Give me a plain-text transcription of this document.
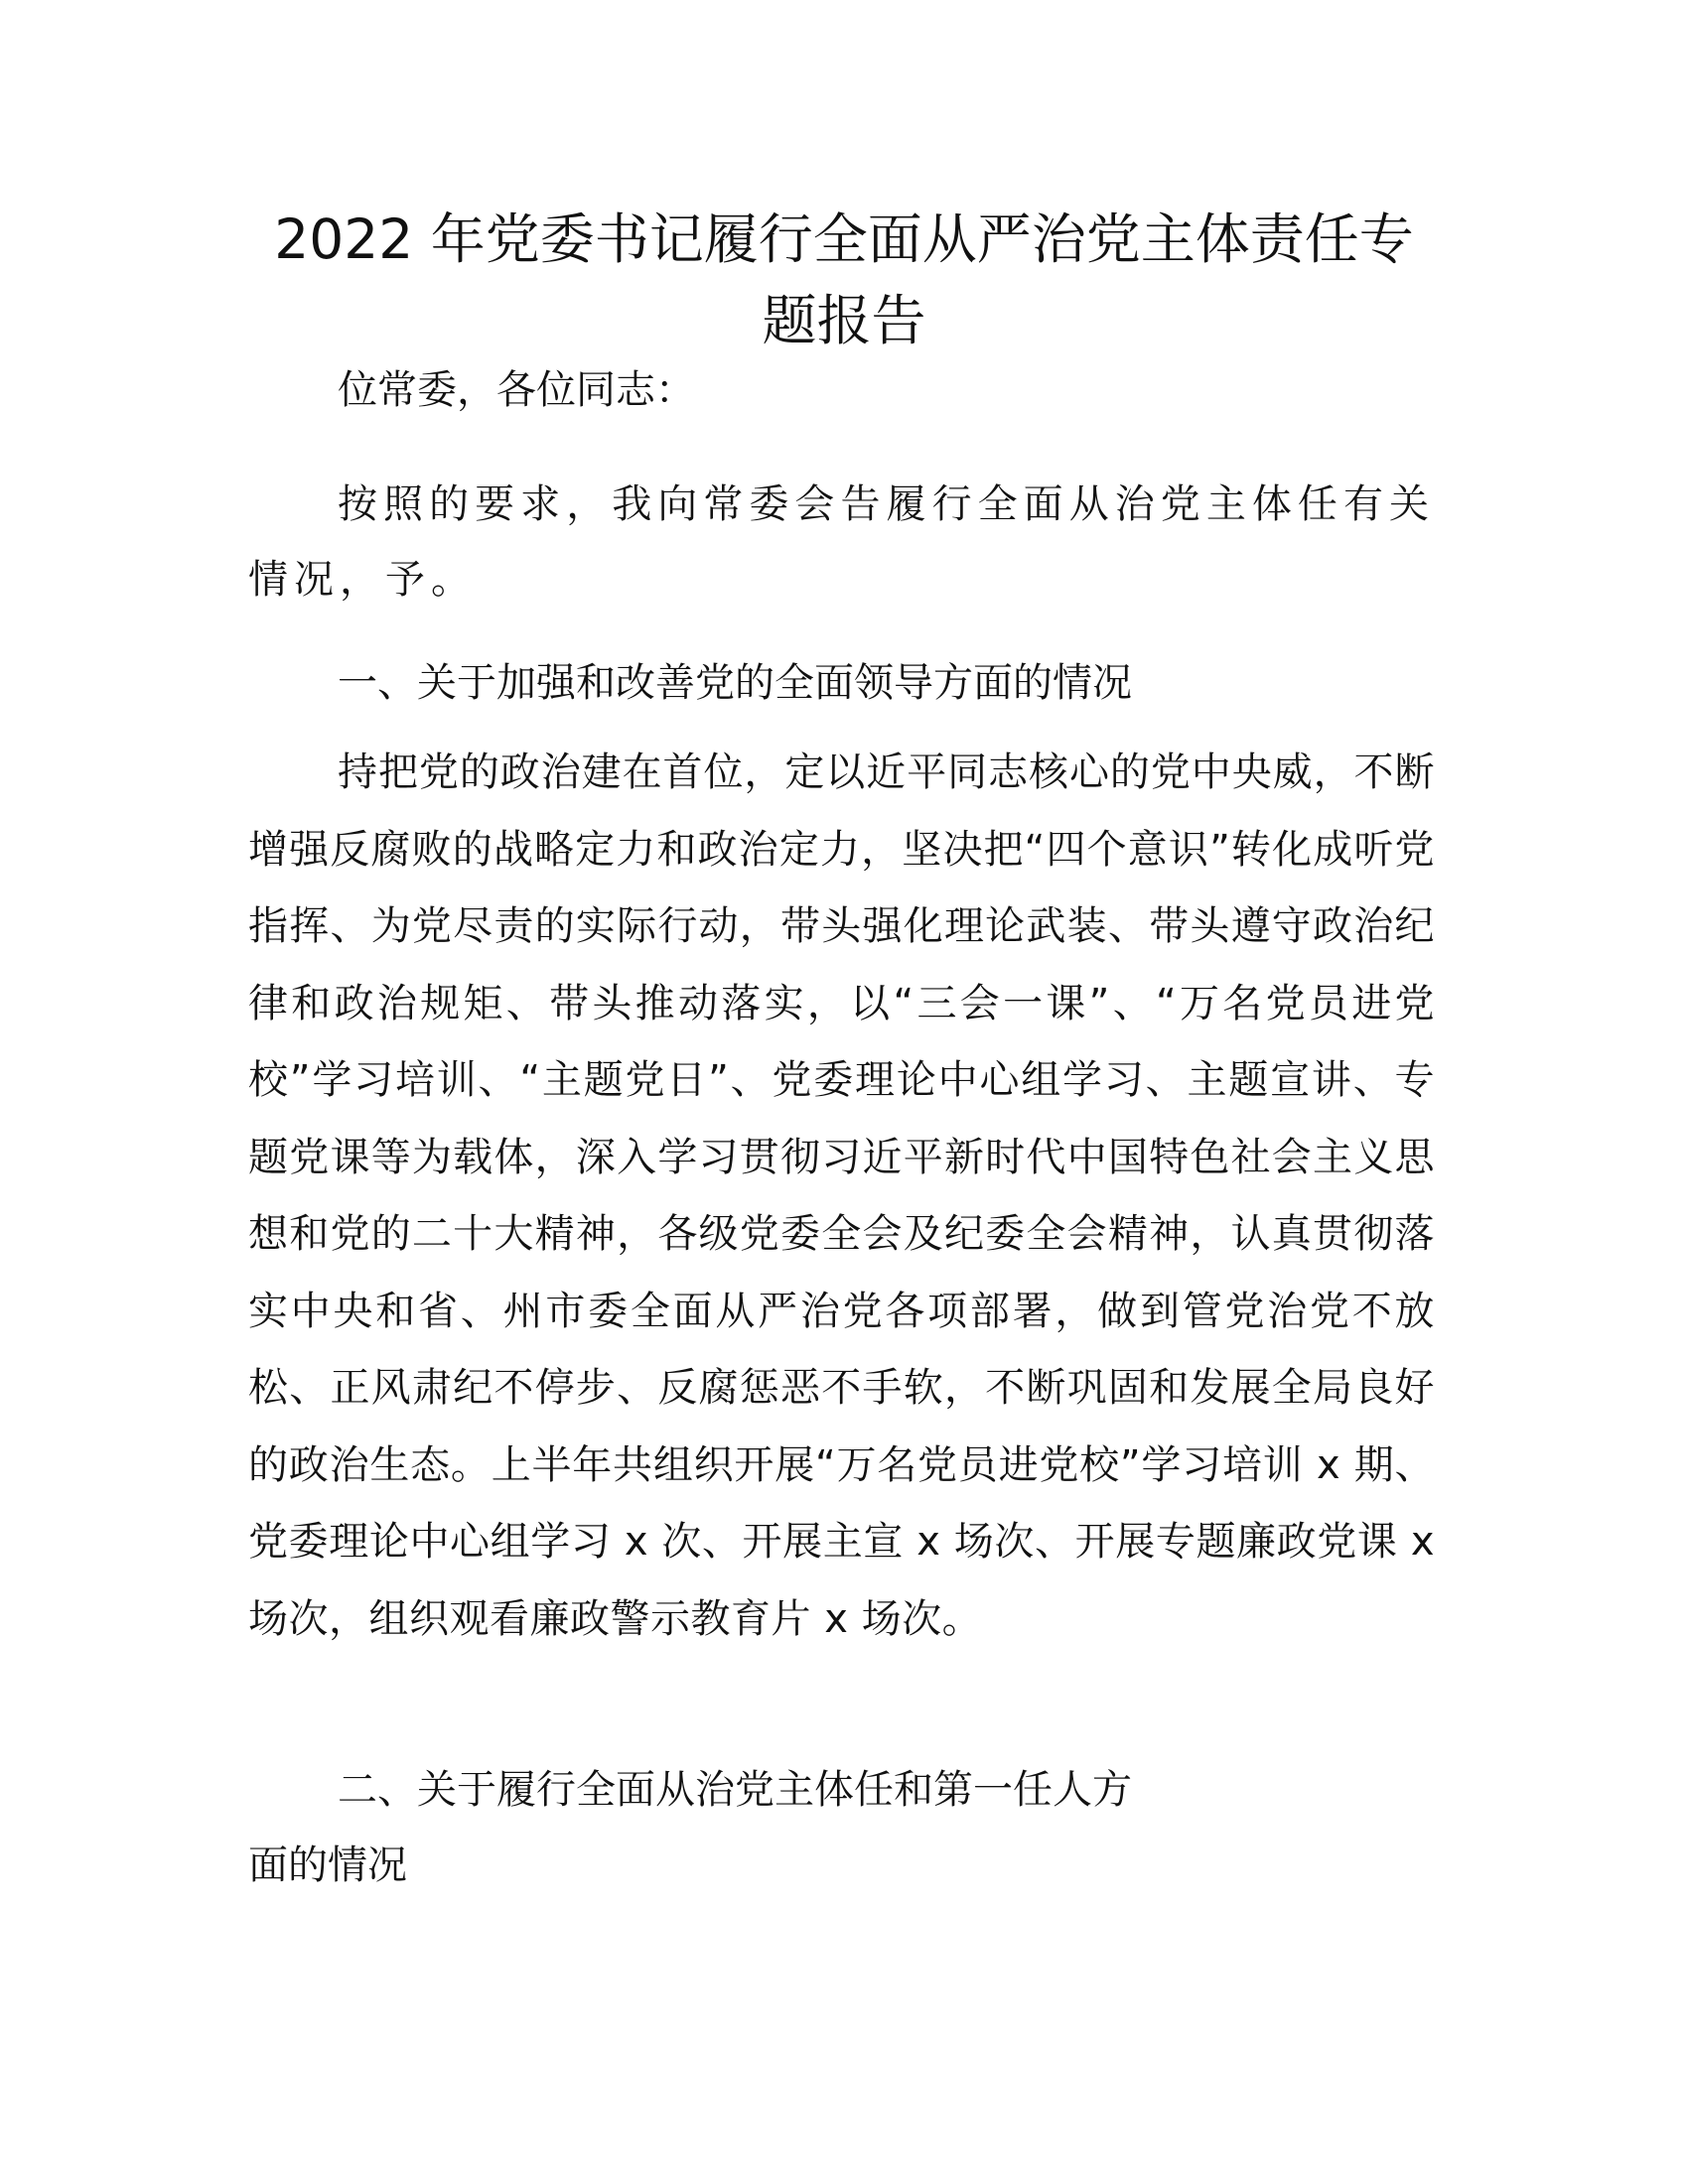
2022 年党委书记履行全面从严治党主体责任专
题报告

位常委，各位同志：

按照的要求，我向常委会告履行全面从治党主体任有关情况，予。

一、关于加强和改善党的全面领导方面的情况

持把党的政治建在首位，定以近平同志核心的党中央威，不断增强反腐败的战略定力和政治定力，坚决把“四个意识”转化成听党指挥、为党尽责的实际行动，带头强化理论武装、带头遵守政治纪律和政治规矩、带头推动落实，以“三会一课”、“万名党员进党校”学习培训、“主题党日”、党委理论中心组学习、主题宣讲、专题党课等为载体，深入学习贯彻习近平新时代中国特色社会主义思想和党的二十大精神，各级党委全会及纪委全会精神，认真贯彻落实中央和省、州市委全面从严治党各项部署，做到管党治党不放松、正风肃纪不停步、反腐惩恶不手软，不断巩固和发展全局良好的政治生态。上半年共组织开展“万名党员进党校”学习培训 x 期、党委理论中心组学习 x 次、开展主宣 x 场次、开展专题廉政党课 x 场次，组织观看廉政警示教育片 x 场次。

二、关于履行全面从治党主体任和第一任人方
面的情况
